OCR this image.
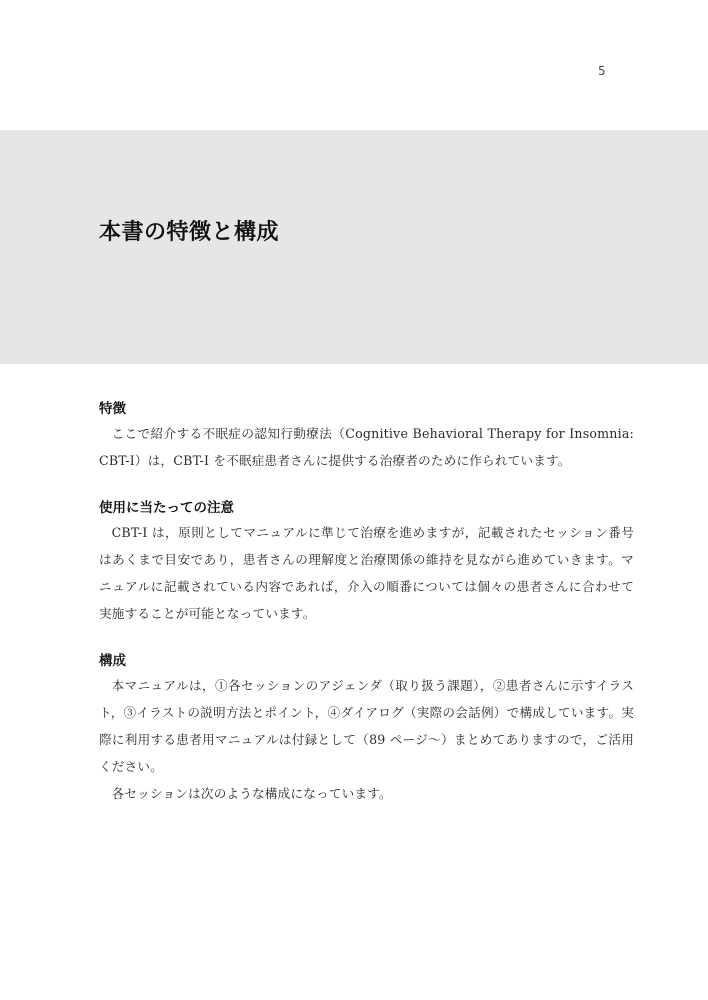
5
本書の特徴と構成
特徴

ここで紹介する不眠症の認知行動療法（Cognitive Behavioral Therapy for Insomnia: CBT-I）は，CBT-I を不眠症患者さんに提供する治療者のために作られています。

使用に当たっての注意

CBT-I は，原則としてマニュアルに準じて治療を進めますが，記載されたセッション番号はあくまで目安であり，患者さんの理解度と治療関係の維持を見ながら進めていきます。マニュアルに記載されている内容であれば，介入の順番については個々の患者さんに合わせて実施することが可能となっています。

構成

本マニュアルは，①各セッションのアジェンダ（取り扱う課題），②患者さんに示すイラスト，③イラストの説明方法とポイント，④ダイアログ（実際の会話例）で構成しています。実際に利用する患者用マニュアルは付録として（89 ページ～）まとめてありますので，ご活用ください。

各セッションは次のような構成になっています。
